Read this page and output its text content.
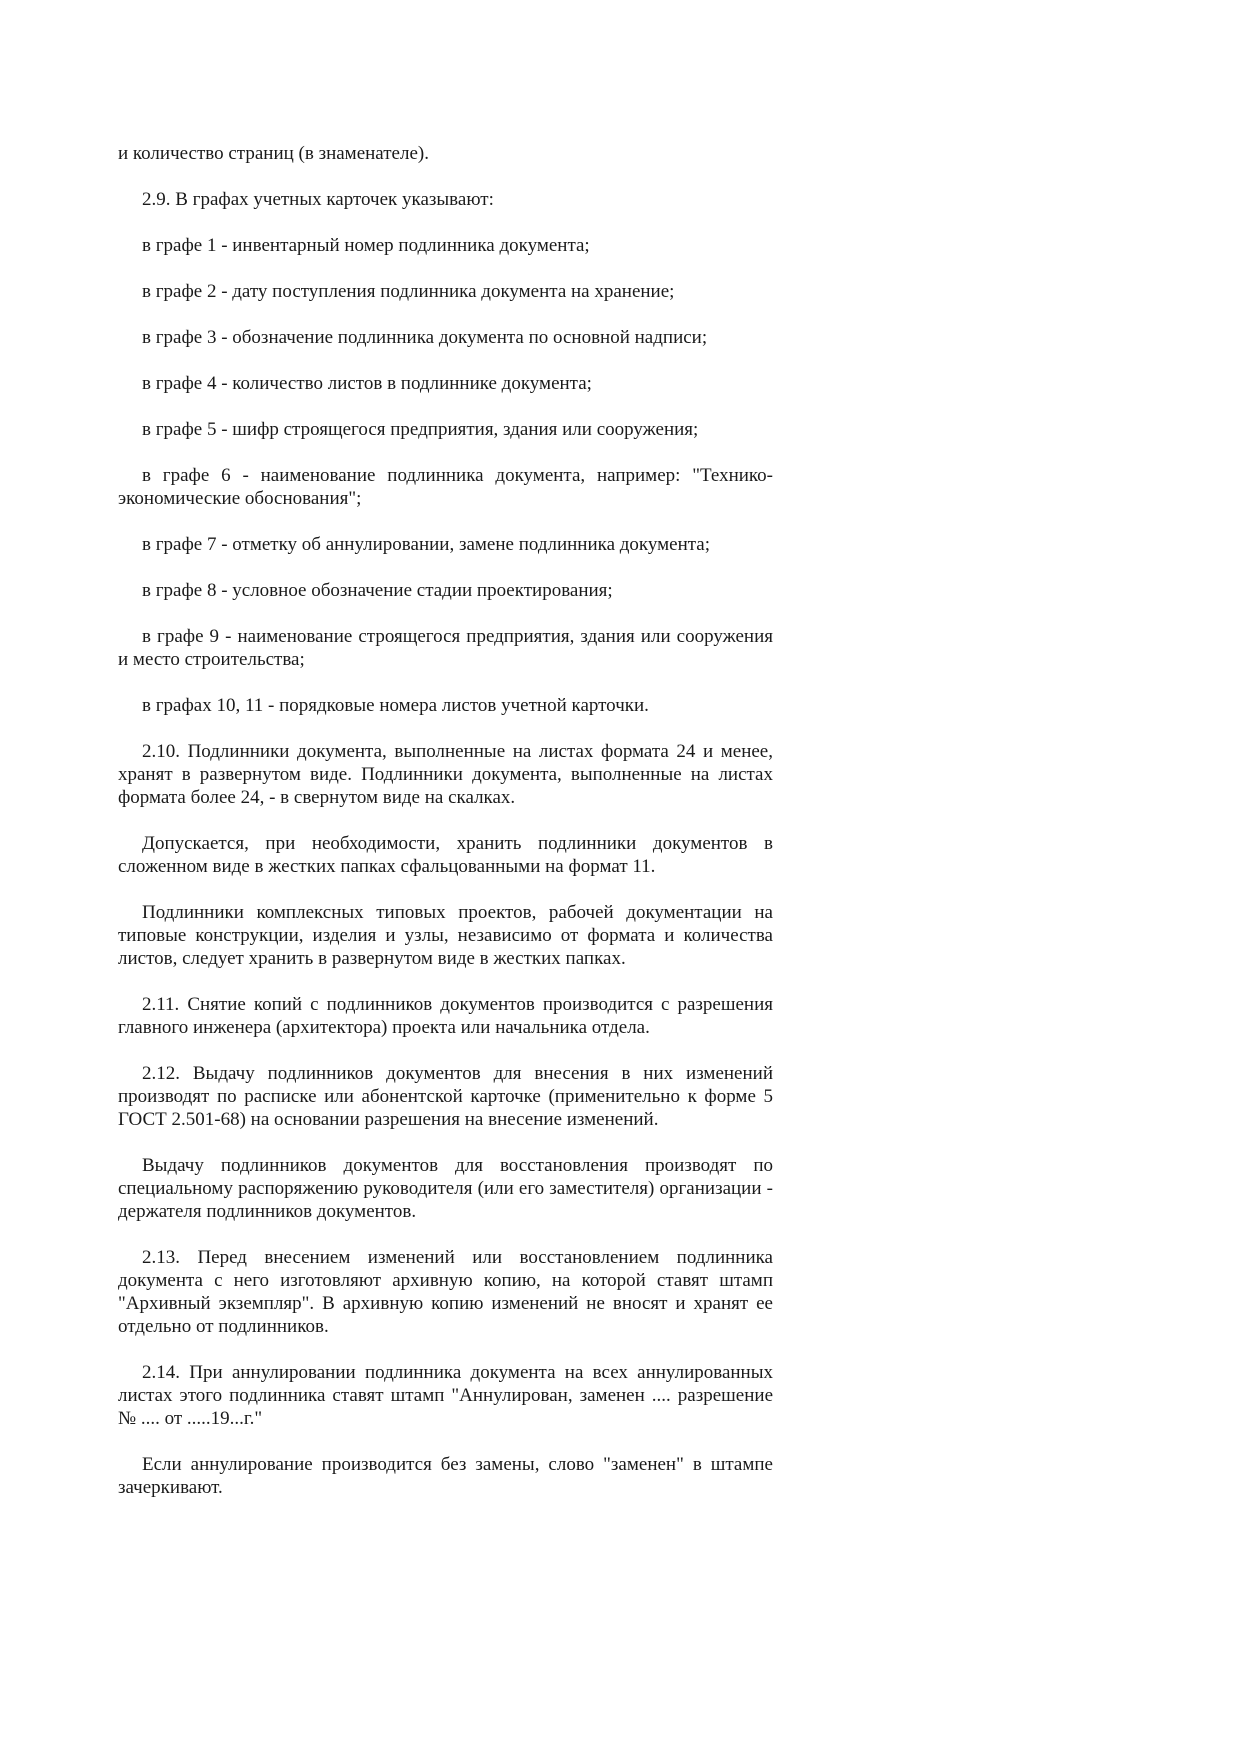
и количество страниц (в знаменателе).

2.9. В графах учетных карточек указывают:

в графе 1 - инвентарный номер подлинника документа;

в графе 2 - дату поступления подлинника документа на хранение;

в графе 3 - обозначение подлинника документа по основной надписи;

в графе 4 - количество листов в подлиннике документа;

в графе 5 - шифр строящегося предприятия, здания или сооружения;

в графе 6 - наименование подлинника документа, например: "Технико-экономические обоснования";

в графе 7 - отметку об аннулировании, замене подлинника документа;

в графе 8 - условное обозначение стадии проектирования;

в графе 9 - наименование строящегося предприятия, здания или сооружения и место строительства;

в графах 10, 11 - порядковые номера листов учетной карточки.

2.10. Подлинники документа, выполненные на листах формата 24 и менее, хранят в развернутом виде. Подлинники документа, выполненные на листах формата более 24, - в свернутом виде на скалках.

Допускается, при необходимости, хранить подлинники документов в сложенном виде в жестких папках сфальцованными на формат 11.

Подлинники комплексных типовых проектов, рабочей документации на типовые конструкции, изделия и узлы, независимо от формата и количества листов, следует хранить в развернутом виде в жестких папках.

2.11. Снятие копий с подлинников документов производится с разрешения главного инженера (архитектора) проекта или начальника отдела.

2.12. Выдачу подлинников документов для внесения в них изменений производят по расписке или абонентской карточке (применительно к форме 5 ГОСТ 2.501-68) на основании разрешения на внесение изменений.

Выдачу подлинников документов для восстановления производят по специальному распоряжению руководителя (или его заместителя) организации - держателя подлинников документов.

2.13. Перед внесением изменений или восстановлением подлинника документа с него изготовляют архивную копию, на которой ставят штамп "Архивный экземпляр". В архивную копию изменений не вносят и хранят ее отдельно от подлинников.

2.14. При аннулировании подлинника документа на всех аннулированных листах этого подлинника ставят штамп "Аннулирован, заменен .... разрешение № .... от .....19...г."

Если аннулирование производится без замены, слово "заменен" в штампе зачеркивают.
